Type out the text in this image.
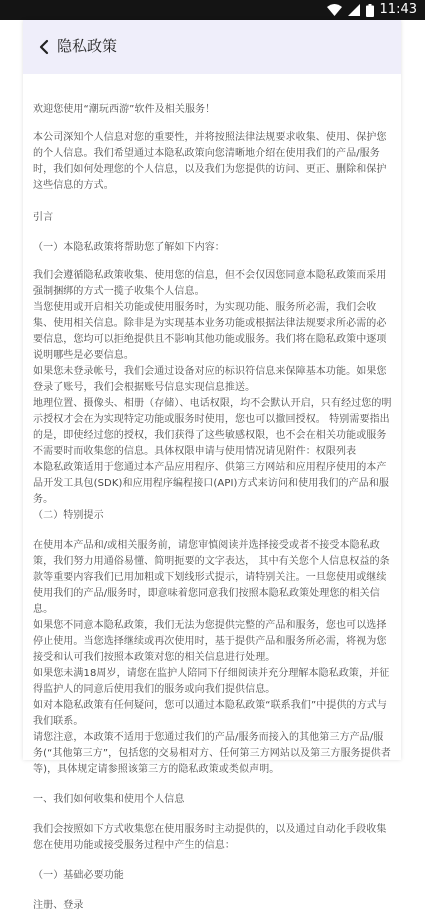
11:43
隐私政策

欢迎您使用“潮玩西游”软件及相关服务！

本公司深知个人信息对您的重要性，并将按照法律法规要求收集、使用、保护您的个人信息。我们希望通过本隐私政策向您清晰地介绍在使用我们的产品/服务时，我们如何处理您的个人信息，以及我们为您提供的访问、更正、删除和保护这些信息的方式。

引言

（一）本隐私政策将帮助您了解如下内容：

我们会遵循隐私政策收集、使用您的信息，但不会仅因您同意本隐私政策而采用强制捆绑的方式一揽子收集个人信息。
当您使用或开启相关功能或使用服务时，为实现功能、服务所必需，我们会收集、使用相关信息。除非是为实现基本业务功能或根据法律法规要求所必需的必要信息，您均可以拒绝提供且不影响其他功能或服务。我们将在隐私政策中逐项说明哪些是必要信息。
如果您未登录帐号，我们会通过设备对应的标识符信息来保障基本功能。如果您登录了账号，我们会根据账号信息实现信息推送。
地理位置、摄像头、相册（存储）、电话权限，均不会默认开启，只有经过您的明示授权才会在为实现特定功能或服务时使用，您也可以撤回授权。 特别需要指出的是，即使经过您的授权，我们获得了这些敏感权限，也不会在相关功能或服务不需要时而收集您的信息。具体权限申请与使用情况请见附件：权限列表
本隐私政策适用于您通过本产品应用程序、供第三方网站和应用程序使用的本产品开发工具包(SDK)和应用程序编程接口(API)方式来访问和使用我们的产品和服务。

（二）特别提示

在使用本产品和/或相关服务前，请您审慎阅读并选择接受或者不接受本隐私政策，我们努力用通俗易懂、简明扼要的文字表达， 其中有关您个人信息权益的条款等重要内容我们已用加粗或下划线形式提示，请特别关注。一旦您使用或继续使用我们的产品/服务时，即意味着您同意我们按照本隐私政策处理您的相关信息。
如果您不同意本隐私政策，我们无法为您提供完整的产品和服务，您也可以选择停止使用。当您选择继续或再次使用时，基于提供产品和服务所必需，将视为您接受和认可我们按照本政策对您的相关信息进行处理。
如果您未满18周岁，请您在监护人陪同下仔细阅读并充分理解本隐私政策，并征得监护人的同意后使用我们的服务或向我们提供信息。
如对本隐私政策有任何疑问，您可以通过本隐私政策“联系我们”中提供的方式与我们联系。
请您注意，本政策不适用于您通过我们的产品/服务而接入的其他第三方产品/服务(“其他第三方”，包括您的交易相对方、任何第三方网站以及第三方服务提供者等)，具体规定请参照该第三方的隐私政策或类似声明。

一、我们如何收集和使用个人信息

我们会按照如下方式收集您在使用服务时主动提供的，以及通过自动化手段收集您在使用功能或接受服务过程中产生的信息：

（一）基础必要功能

注册、登录
